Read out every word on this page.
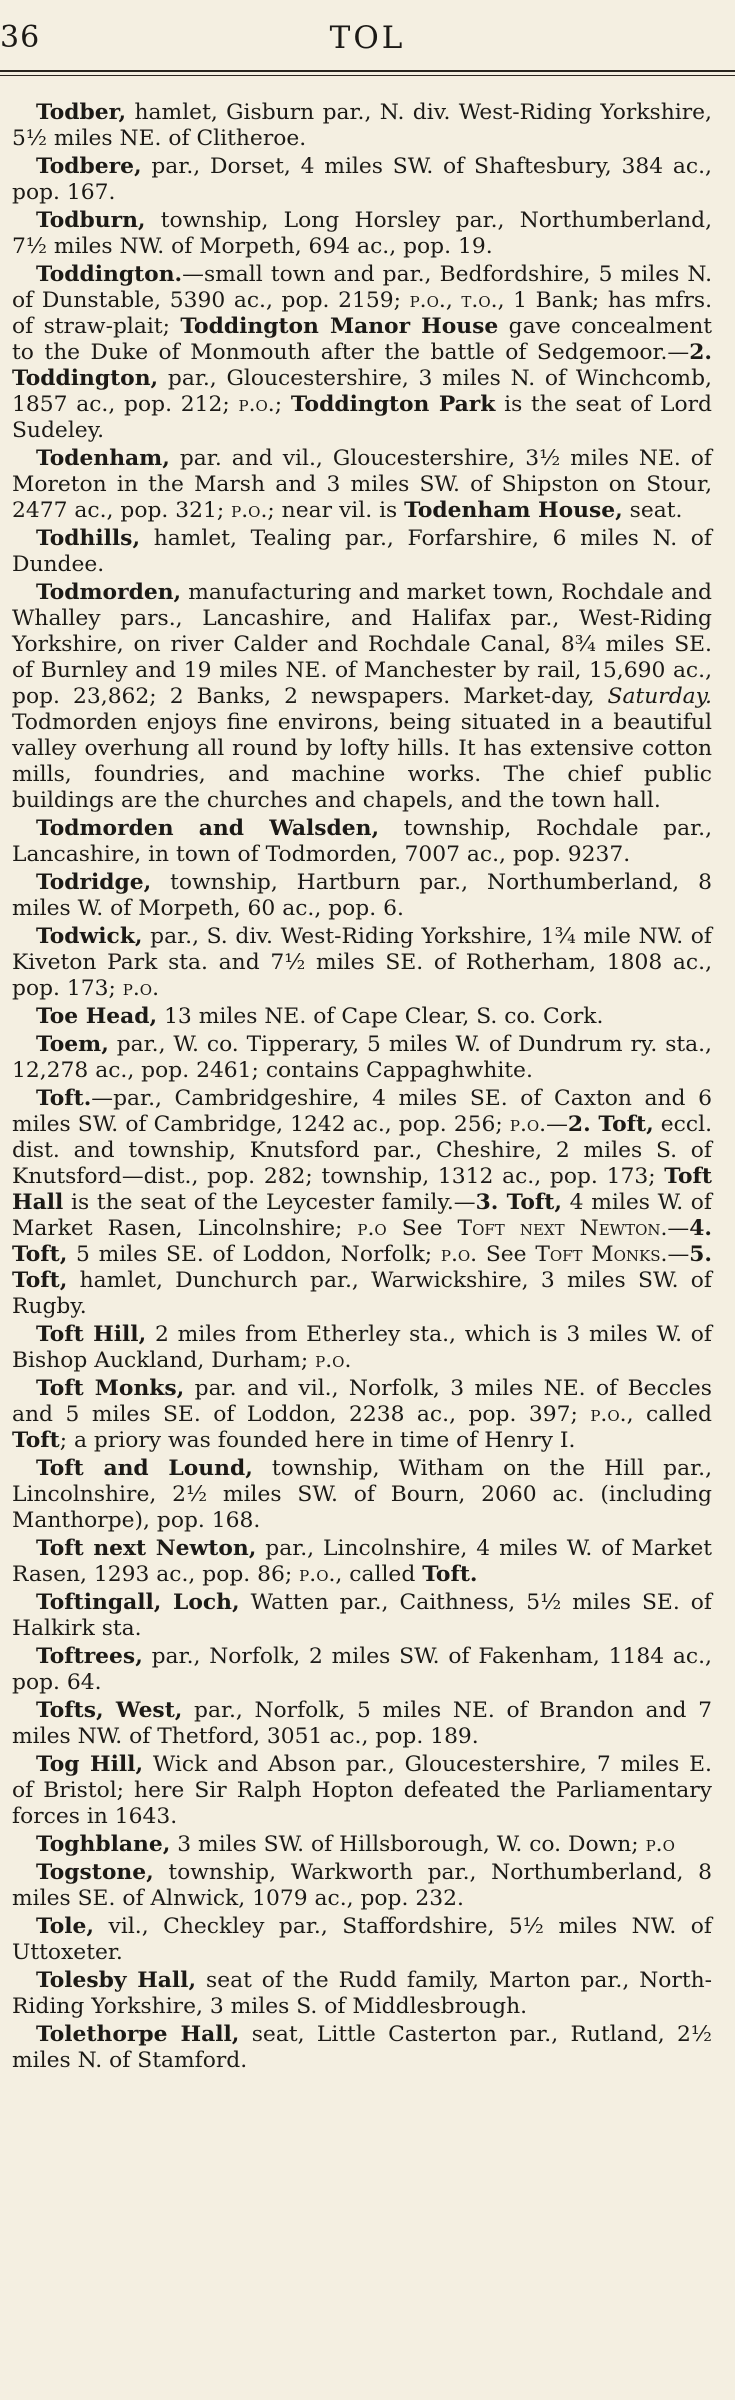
36	TOL

Todber, hamlet, Gisburn par., N. div. West-Riding Yorkshire, 5½ miles NE. of Clitheroe.

Todbere, par., Dorset, 4 miles SW. of Shaftesbury, 384 ac., pop. 167.

Todburn, township, Long Horsley par., Northumberland, 7½ miles NW. of Morpeth, 694 ac., pop. 19.

Toddington.—small town and par., Bedfordshire, 5 miles N. of Dunstable, 5390 ac., pop. 2159; p.o., t.o., 1 Bank; has mfrs. of straw-plait; Toddington Manor House gave concealment to the Duke of Monmouth after the battle of Sedgemoor.—2. Toddington, par., Gloucestershire, 3 miles N. of Winchcomb, 1857 ac., pop. 212; p.o.; Toddington Park is the seat of Lord Sudeley.

Todenham, par. and vil., Gloucestershire, 3½ miles NE. of Moreton in the Marsh and 3 miles SW. of Shipston on Stour, 2477 ac., pop. 321; p.o.; near vil. is Todenham House, seat.

Todhills, hamlet, Tealing par., Forfarshire, 6 miles N. of Dundee.

Todmorden, manufacturing and market town, Rochdale and Whalley pars., Lancashire, and Halifax par., West-Riding Yorkshire, on river Calder and Rochdale Canal, 8¾ miles SE. of Burnley and 19 miles NE. of Manchester by rail, 15,690 ac., pop. 23,862; 2 Banks, 2 newspapers. Market-day, Saturday. Todmorden enjoys fine environs, being situated in a beautiful valley overhung all round by lofty hills. It has extensive cotton mills, foundries, and machine works. The chief public buildings are the churches and chapels, and the town hall.

Todmorden and Walsden, township, Rochdale par., Lancashire, in town of Todmorden, 7007 ac., pop. 9237.

Todridge, township, Hartburn par., Northumberland, 8 miles W. of Morpeth, 60 ac., pop. 6.

Todwick, par., S. div. West-Riding Yorkshire, 1¾ mile NW. of Kiveton Park sta. and 7½ miles SE. of Rotherham, 1808 ac., pop. 173; p.o.

Toe Head, 13 miles NE. of Cape Clear, S. co. Cork.

Toem, par., W. co. Tipperary, 5 miles W. of Dundrum ry. sta., 12,278 ac., pop. 2461; contains Cappaghwhite.

Toft.—par., Cambridgeshire, 4 miles SE. of Caxton and 6 miles SW. of Cambridge, 1242 ac., pop. 256; p.o.—2. Toft, eccl. dist. and township, Knutsford par., Cheshire, 2 miles S. of Knutsford—dist., pop. 282; township, 1312 ac., pop. 173; Toft Hall is the seat of the Leycester family.—3. Toft, 4 miles W. of Market Rasen, Lincolnshire; p.o See Toft next Newton.—4. Toft, 5 miles SE. of Loddon, Norfolk; p.o. See Toft Monks.—5. Toft, hamlet, Dunchurch par., Warwickshire, 3 miles SW. of Rugby.

Toft Hill, 2 miles from Etherley sta., which is 3 miles W. of Bishop Auckland, Durham; p.o.

Toft Monks, par. and vil., Norfolk, 3 miles NE. of Beccles and 5 miles SE. of Loddon, 2238 ac., pop. 397; p.o., called Toft; a priory was founded here in time of Henry I.

Toft and Lound, township, Witham on the Hill par., Lincolnshire, 2½ miles SW. of Bourn, 2060 ac. (including Manthorpe), pop. 168.

Toft next Newton, par., Lincolnshire, 4 miles W. of Market Rasen, 1293 ac., pop. 86; p.o., called Toft.

Toftingall, Loch, Watten par., Caithness, 5½ miles SE. of Halkirk sta.

Toftrees, par., Norfolk, 2 miles SW. of Fakenham, 1184 ac., pop. 64.

Tofts, West, par., Norfolk, 5 miles NE. of Brandon and 7 miles NW. of Thetford, 3051 ac., pop. 189.

Tog Hill, Wick and Abson par., Gloucestershire, 7 miles E. of Bristol; here Sir Ralph Hopton defeated the Parliamentary forces in 1643.

Toghblane, 3 miles SW. of Hillsborough, W. co. Down; p.o

Togstone, township, Warkworth par., Northumberland, 8 miles SE. of Alnwick, 1079 ac., pop. 232.

Tole, vil., Checkley par., Staffordshire, 5½ miles NW. of Uttoxeter.

Tolesby Hall, seat of the Rudd family, Marton par., North-Riding Yorkshire, 3 miles S. of Middlesbrough.

Tolethorpe Hall, seat, Little Casterton par., Rutland, 2½ miles N. of Stamford.
